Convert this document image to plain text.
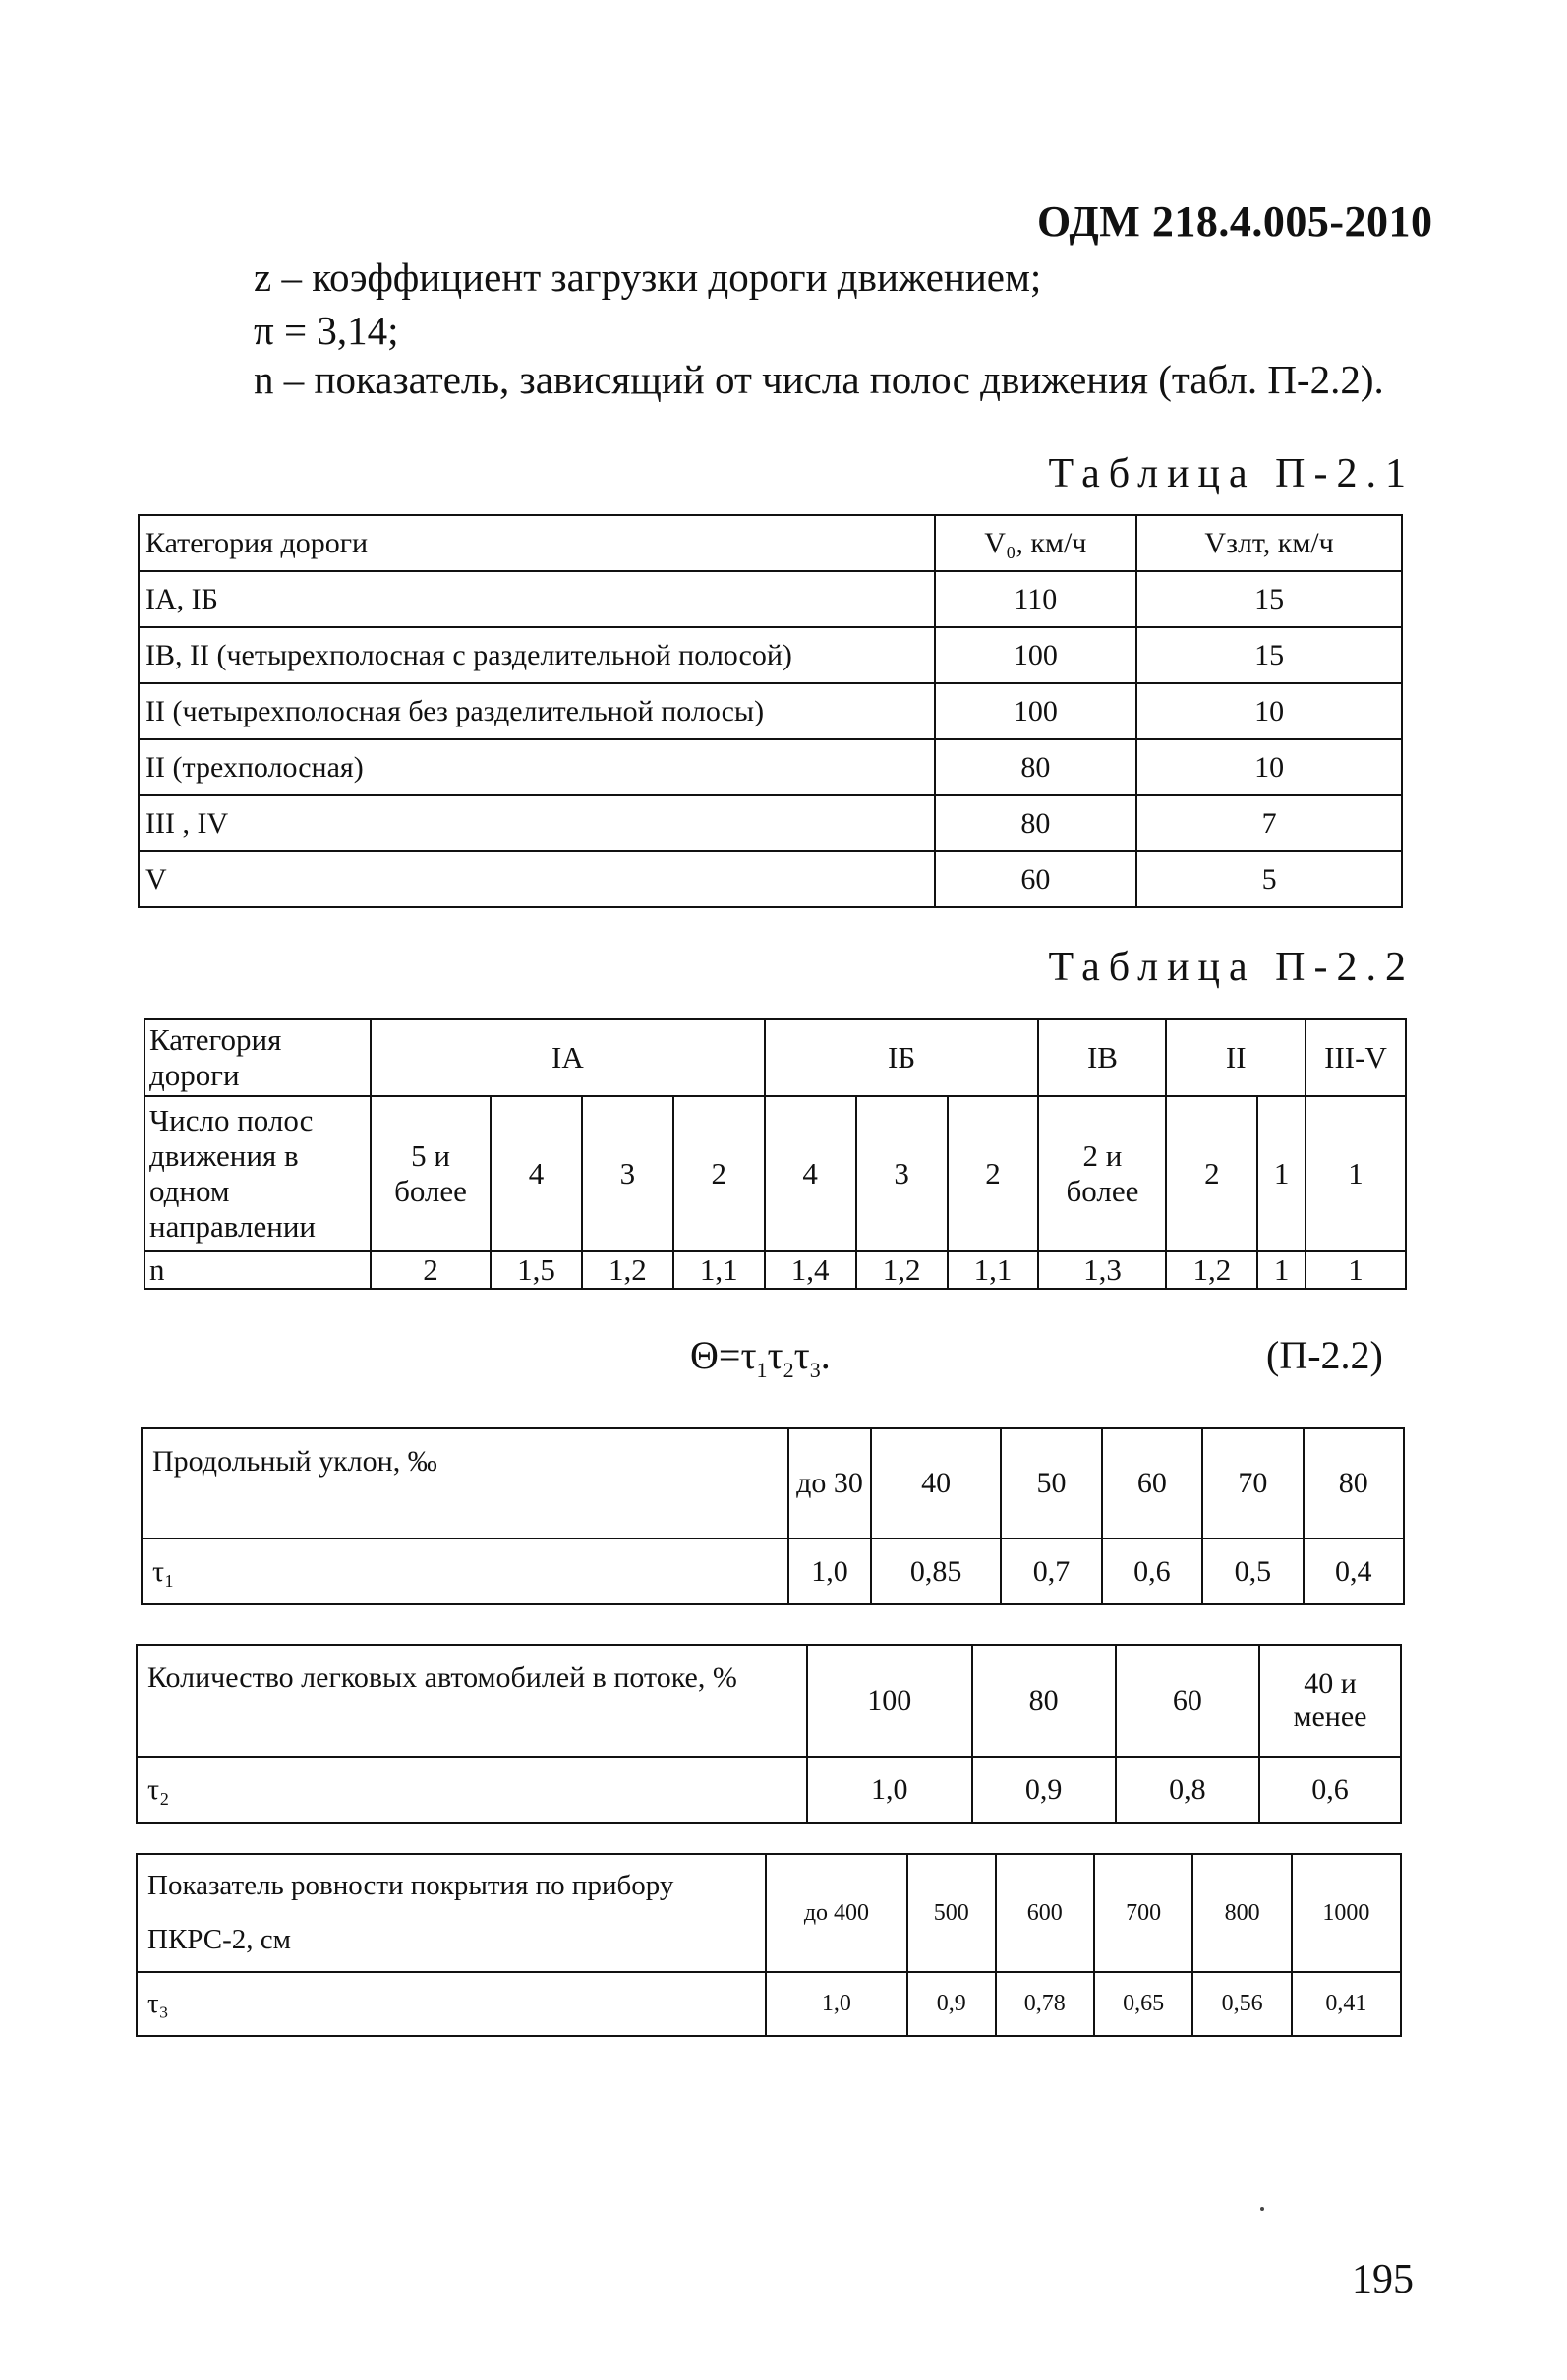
ОДМ 218.4.005-2010
z – коэффициент загрузки дороги движением;
π = 3,14;
n – показатель, зависящий от числа полос движения (табл. П-2.2).
Таблица П-2.1
Категория дороги	V₀, км/ч	Vзлт, км/ч
IА, IБ	110	15
IВ, II (четырехполосная с разделительной полосой)	100	15
II (четырехполосная без разделительной полосы)	100	10
II (трехполосная)	80	10
III , IV	80	7
V	60	5
Таблица П-2.2
Категория дороги	IА				IБ			IВ	II		III-V
Число полос движения в одном направлении	5 и более	4	3	2	4	3	2	2 и более	2	1	1
n	2	1,5	1,2	1,1	1,4	1,2	1,1	1,3	1,2	1	1
$\Theta=\tau_1\tau_2\tau_3$.	(П-2.2)
Продольный уклон, ‰	до 30	40	50	60	70	80
τ₁	1,0	0,85	0,7	0,6	0,5	0,4
Количество легковых автомобилей в потоке, %	100	80	60	40 и менее
τ₂	1,0	0,9	0,8	0,6
Показатель ровности покрытия по прибору ПКРС-2, см	до 400	500	600	700	800	1000
τ₃	1,0	0,9	0,78	0,65	0,56	0,41
195
